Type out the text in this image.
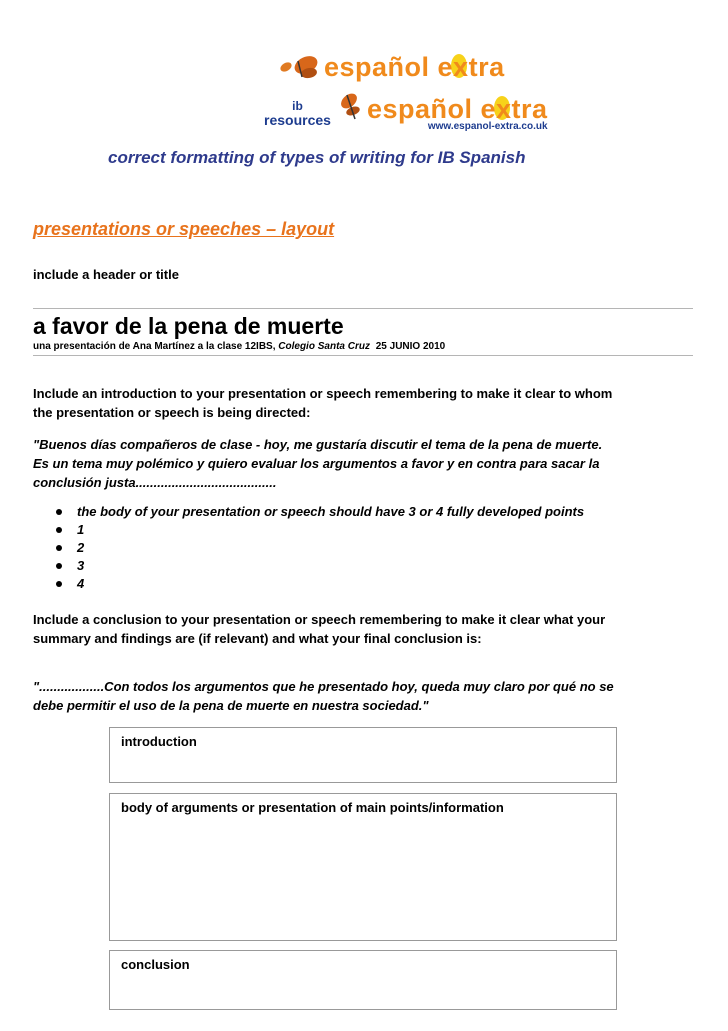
español extra
ib
resources español extra
www.espanol-extra.co.uk
correct formatting of types of writing for IB Spanish
presentations or speeches – layout
include a header or title
a favor de la pena de muerte
una presentación de Ana Martínez a la clase 12IBS, Colegio Santa Cruz 25 JUNIO 2010
Include an introduction to your presentation or speech remembering to make it clear to whom
the presentation or speech is being directed:
"Buenos días compañeros de clase - hoy, me gustaría discutir el tema de la pena de muerte.
Es un tema muy polémico y quiero evaluar los argumentos a favor y en contra para sacar la
conclusión justa.......................................
the body of your presentation or speech should have 3 or 4 fully developed points
1
2
3
4
Include a conclusion to your presentation or speech remembering to make it clear what your
summary and findings are (if relevant) and what your final conclusion is:
"..................Con todos los argumentos que he presentado hoy, queda muy claro por qué no se
debe permitir el uso de la pena de muerte en nuestra sociedad."
introduction
body of arguments or presentation of main points/information
conclusion
